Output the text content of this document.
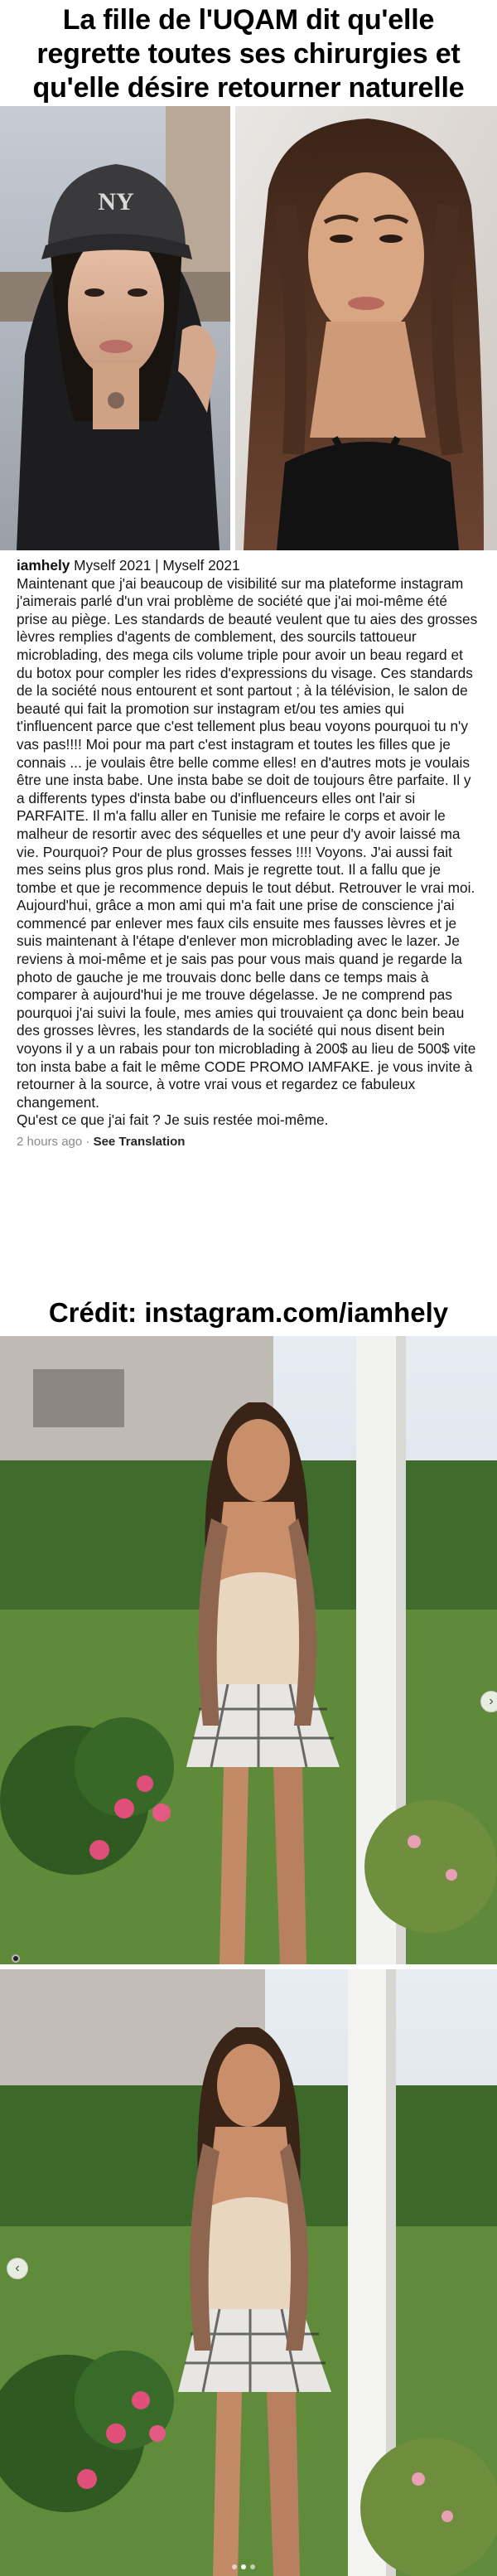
La fille de l'UQAM dit qu'elle
regrette toutes ses chirurgies et
qu'elle désire retourner naturelle
NY
iamhely Myself 2021 | Myself 2021
Maintenant que j'ai beaucoup de visibilité sur ma plateforme instagram j'aimerais parlé d'un vrai problème de société que j'ai moi-même été prise au piège. Les standards de beauté veulent que tu aies des grosses lèvres remplies d'agents de comblement, des sourcils tattoueur microblading, des mega cils volume triple pour avoir un beau regard et du botox pour compler les rides d'expressions du visage. Ces standards de la société nous entourent et sont partout ; à la télévision, le salon de beauté qui fait la promotion sur instagram et/ou tes amies qui t'influencent parce que c'est tellement plus beau voyons pourquoi tu n'y vas pas!!!! Moi pour ma part c'est instagram et toutes les filles que je connais ... je voulais être belle comme elles! en d'autres mots je voulais être une insta babe. Une insta babe se doit de toujours être parfaite. Il y a differents types d'insta babe ou d'influenceurs elles ont l'air si PARFAITE. Il m'a fallu aller en Tunisie me refaire le corps et avoir le malheur de resortir avec des séquelles et une peur d'y avoir laissé ma vie. Pourquoi? Pour de plus grosses fesses !!!! Voyons. J'ai aussi fait mes seins plus gros plus rond. Mais je regrette tout. Il a fallu que je tombe et que je recommence depuis le tout début. Retrouver le vrai moi. Aujourd'hui, grâce a mon ami qui m'a fait une prise de conscience j'ai commencé par enlever mes faux cils ensuite mes fausses lèvres et je suis maintenant à l'étape d'enlever mon microblading avec le lazer. Je reviens à moi-même et je sais pas pour vous mais quand je regarde la photo de gauche je me trouvais donc belle dans ce temps mais à comparer à aujourd'hui je me trouve dégelasse. Je ne comprend pas pourquoi j'ai suivi la foule, mes amies qui trouvaient ça donc bein beau des grosses lèvres, les standards de la société qui nous disent bein voyons il y a un rabais pour ton microblading à 200$ au lieu de 500$ vite ton insta babe a fait le même CODE PROMO IAMFAKE. je vous invite à retourner à la source, à votre vrai vous et regardez ce fabuleux changement.
Qu'est ce que j'ai fait ? Je suis restée moi-même.
2 hours ago · See Translation
Crédit: instagram.com/iamhely
›
‹
